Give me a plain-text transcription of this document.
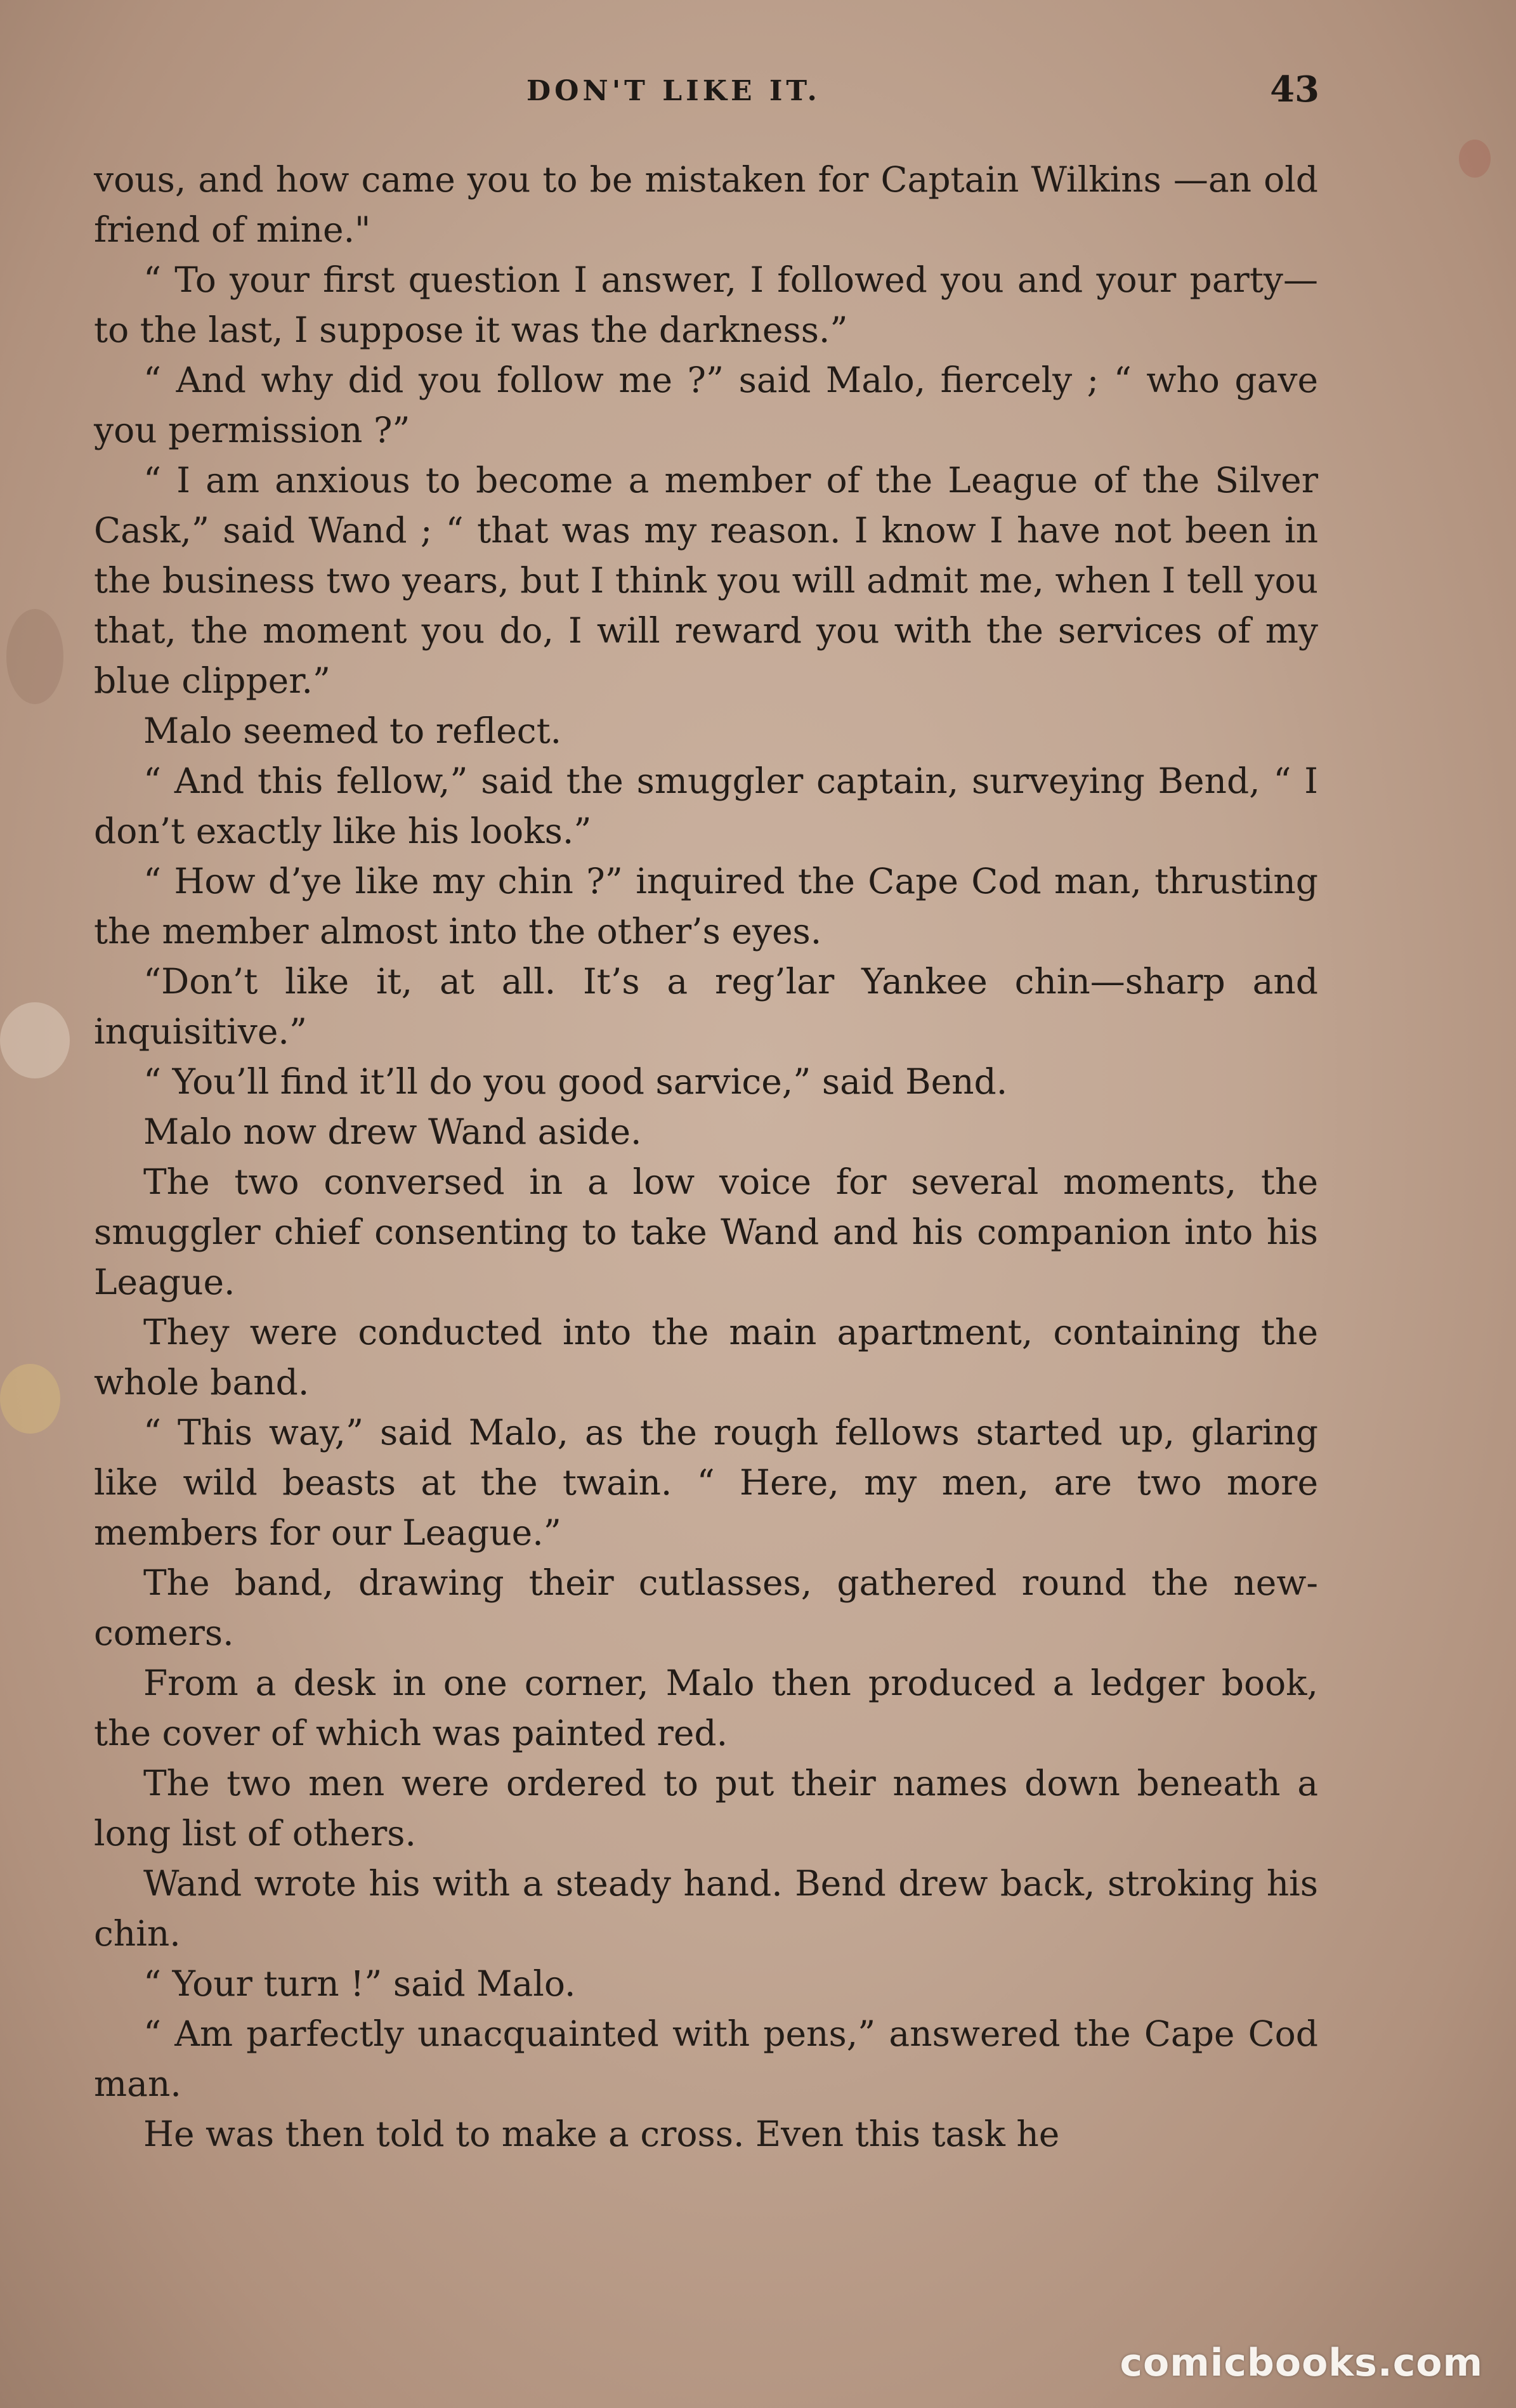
DON'T LIKE IT.	43

vous, and how came you to be mistaken for Captain Wilkins —an old friend of mine."

“ To your first question I answer, I followed you and your party—to the last, I suppose it was the darkness.”

“ And why did you follow me ?” said Malo, fiercely ; “ who gave you permission ?”

“ I am anxious to become a member of the League of the Silver Cask,” said Wand ; “ that was my reason. I know I have not been in the business two years, but I think you will admit me, when I tell you that, the moment you do, I will reward you with the services of my blue clipper.”

Malo seemed to reflect.

“ And this fellow,” said the smuggler captain, surveying Bend, “ I don’t exactly like his looks.”

“ How d’ye like my chin ?” inquired the Cape Cod man, thrusting the member almost into the other’s eyes.

“Don’t like it, at all. It’s a reg’lar Yankee chin—sharp and inquisitive.”

“ You’ll find it’ll do you good sarvice,” said Bend.

Malo now drew Wand aside.

The two conversed in a low voice for several moments, the smuggler chief consenting to take Wand and his companion into his League.

They were conducted into the main apartment, containing the whole band.

“ This way,” said Malo, as the rough fellows started up, glaring like wild beasts at the twain. “ Here, my men, are two more members for our League.”

The band, drawing their cutlasses, gathered round the new-comers.

From a desk in one corner, Malo then produced a ledger book, the cover of which was painted red.

The two men were ordered to put their names down beneath a long list of others.

Wand wrote his with a steady hand. Bend drew back, stroking his chin.

“ Your turn !” said Malo.

“ Am parfectly unacquainted with pens,” answered the Cape Cod man.

He was then told to make a cross. Even this task he

comicbooks.com
